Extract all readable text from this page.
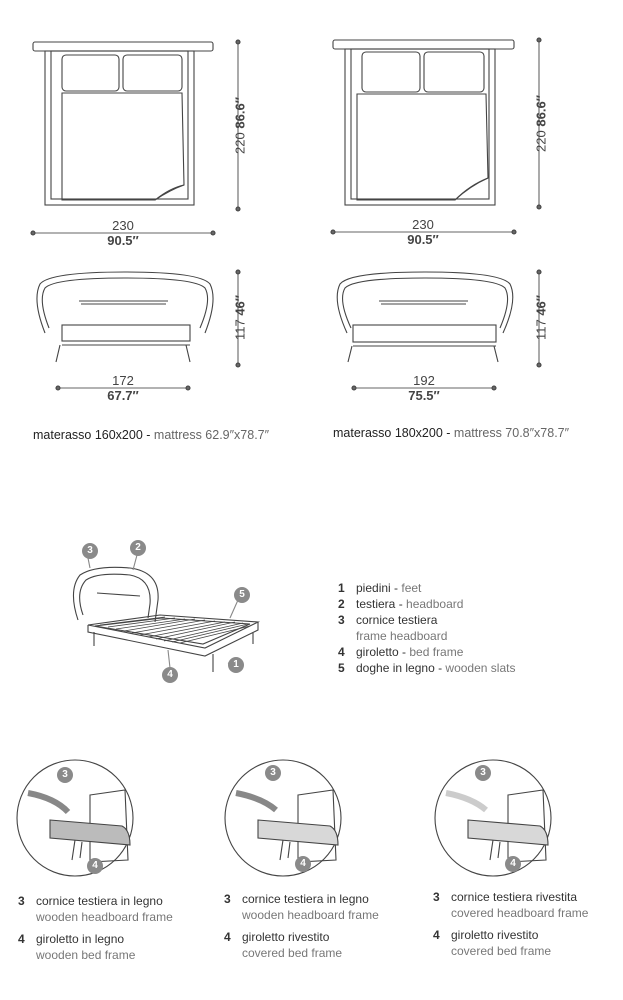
230
90.5″
220 86.6″
230
90.5″
220 86.6″
172
67.7″
117 46″
192
75.5″
117 46″
materasso 160x200 - mattress 62.9″x78.7″	materasso 180x200 - mattress 70.8″x78.7″
3	2
5
1
4
1 piedini - feet
2 testiera - headboard
3 cornice testiera
frame headboard
4 giroletto - bed frame
5 doghe in legno - wooden slats
3
4
3
4
3
4
3 cornice testiera in legno
wooden headboard frame
4 giroletto in legno
wooden bed frame
3 cornice testiera in legno
wooden headboard frame
4 giroletto rivestito
covered bed frame
3 cornice testiera rivestita
covered headboard frame
4 giroletto rivestito
covered bed frame
